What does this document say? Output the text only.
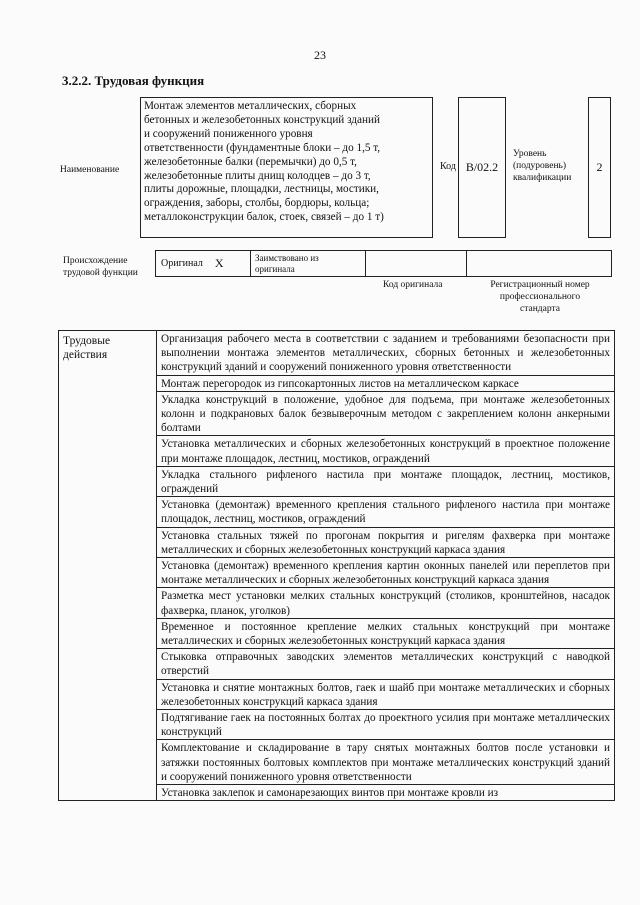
23
3.2.2. Трудовая функция
Наименование
Монтаж элементов металлических, сборных
бетонных и железобетонных конструкций зданий
и сооружений пониженного уровня
ответственности (фундаментные блоки – до 1,5 т,
железобетонные балки (перемычки) до 0,5 т,
железобетонные плиты днищ колодцев – до 3 т,
плиты дорожные, площадки, лестницы, мостики,
ограждения, заборы, столбы, бордюры, кольца;
металлоконструкции балок, стоек, связей – до 1 т)
Код B/02.2
Уровень
(подуровень)
квалификации
2
Происхождение
трудовой функции
Оригинал X	Заимствовано из
оригинала
Код оригинала	Регистрационный номер
профессионального
стандарта
Трудовые
действия	Организация рабочего места в соответствии с заданием и требованиями безопасности при выполнении монтажа элементов металлических, сборных бетонных и железобетонных конструкций зданий и сооружений пониженного уровня ответственности
Монтаж перегородок из гипсокартонных листов на металлическом каркасе
Укладка конструкций в положение, удобное для подъема, при монтаже железобетонных колонн и подкрановых балок безвыверочным методом с закреплением колонн анкерными болтами
Установка металлических и сборных железобетонных конструкций в проектное положение при монтаже площадок, лестниц, мостиков, ограждений
Укладка стального рифленого настила при монтаже площадок, лестниц, мостиков, ограждений
Установка (демонтаж) временного крепления стального рифленого настила при монтаже площадок, лестниц, мостиков, ограждений
Установка стальных тяжей по прогонам покрытия и ригелям фахверка при монтаже металлических и сборных железобетонных конструкций каркаса здания
Установка (демонтаж) временного крепления картин оконных панелей или переплетов при монтаже металлических и сборных железобетонных конструкций каркаса здания
Разметка мест установки мелких стальных конструкций (столиков, кронштейнов, насадок фахверка, планок, уголков)
Временное и постоянное крепление мелких стальных конструкций при монтаже металлических и сборных железобетонных конструкций каркаса здания
Стыковка отправочных заводских элементов металлических конструкций с наводкой отверстий
Установка и снятие монтажных болтов, гаек и шайб при монтаже металлических и сборных железобетонных конструкций каркаса здания
Подтягивание гаек на постоянных болтах до проектного усилия при монтаже металлических конструкций
Комплектование и складирование в тару снятых монтажных болтов после установки и затяжки постоянных болтовых комплектов при монтаже металлических конструкций зданий и сооружений пониженного уровня ответственности
Установка заклепок и самонарезающих винтов при монтаже кровли из
